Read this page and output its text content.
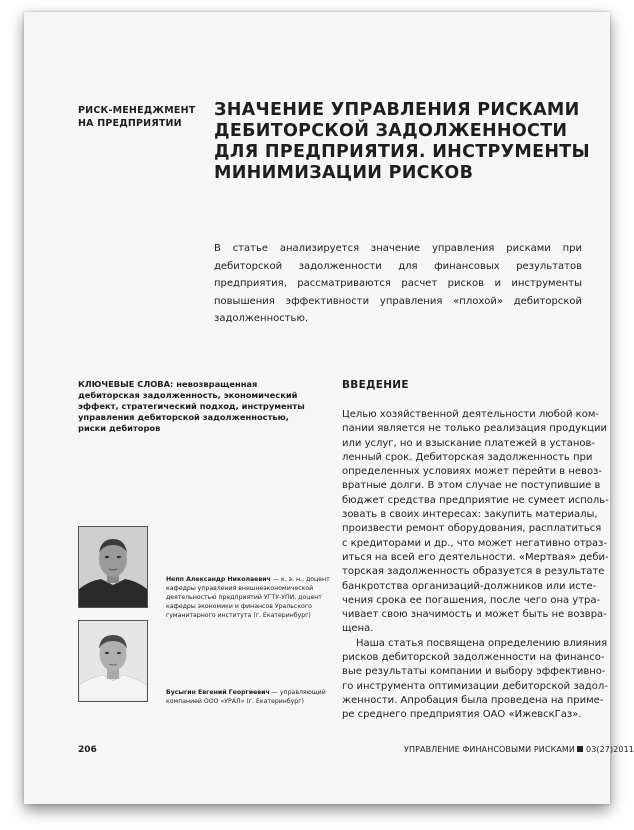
РИСК-МЕНЕДЖМЕНТ
НА ПРЕДПРИЯТИИ
ЗНАЧЕНИЕ УПРАВЛЕНИЯ РИСКАМИ
ДЕБИТОРСКОЙ ЗАДОЛЖЕННОСТИ
ДЛЯ ПРЕДПРИЯТИЯ. ИНСТРУМЕНТЫ
МИНИМИЗАЦИИ РИСКОВ
В статье анализируется значение управления рисками при дебиторской задолженности для финансовых результатов предприятия, рассматриваются расчет рисков и инструменты повышения эффективности управления «плохой» дебиторской задолженностью.
КЛЮЧЕВЫЕ СЛОВА: невозвращенная дебиторская задолженность, экономический эффект, стратегический подход, инструменты управления дебиторской задолженностью, риски дебиторов
ВВЕДЕНИЕ
Целью хозяйственной деятельности любой ком-
пании является не только реализация продукции
или услуг, но и взыскание платежей в установ-
ленный срок. Дебиторская задолженность при
определенных условиях может перейти в невоз-
вратные долги. В этом случае не поступившие в
бюджет средства предприятие не сумеет исполь-
зовать в своих интересах: закупить материалы,
произвести ремонт оборудования, расплатиться
с кредиторами и др., что может негативно отраз-
иться на всей его деятельности. «Мертвая» деби-
торская задолженность образуется в результате
банкротства организаций-должников или исте-
чения срока ее погашения, после чего она утра-
чивает свою значимость и может быть не возвра-
щена.
Наша статья посвящена определению влияния
рисков дебиторской задолженности на финансо-
вые результаты компании и выбору эффективно-
го инструмента оптимизации дебиторской задол-
женности. Апробация была проведена на приме-
ре среднего предприятия ОАО «ИжевскГаз».
Непп Александр Николаевич — к. э. н., доцент кафедры управления внешнеэкономической деятельностью предприятий УГТУ-УПИ, доцент кафедры экономики и финансов Уральского гуманитарного института (г. Екатеринбург)
Бусыгин Евгений Георгиевич — управляющий компанией ООО «УРАЛ» (г. Екатеринбург)
206	УПРАВЛЕНИЕ ФИНАНСОВЫМИ РИСКАМИ 03(27)2011
